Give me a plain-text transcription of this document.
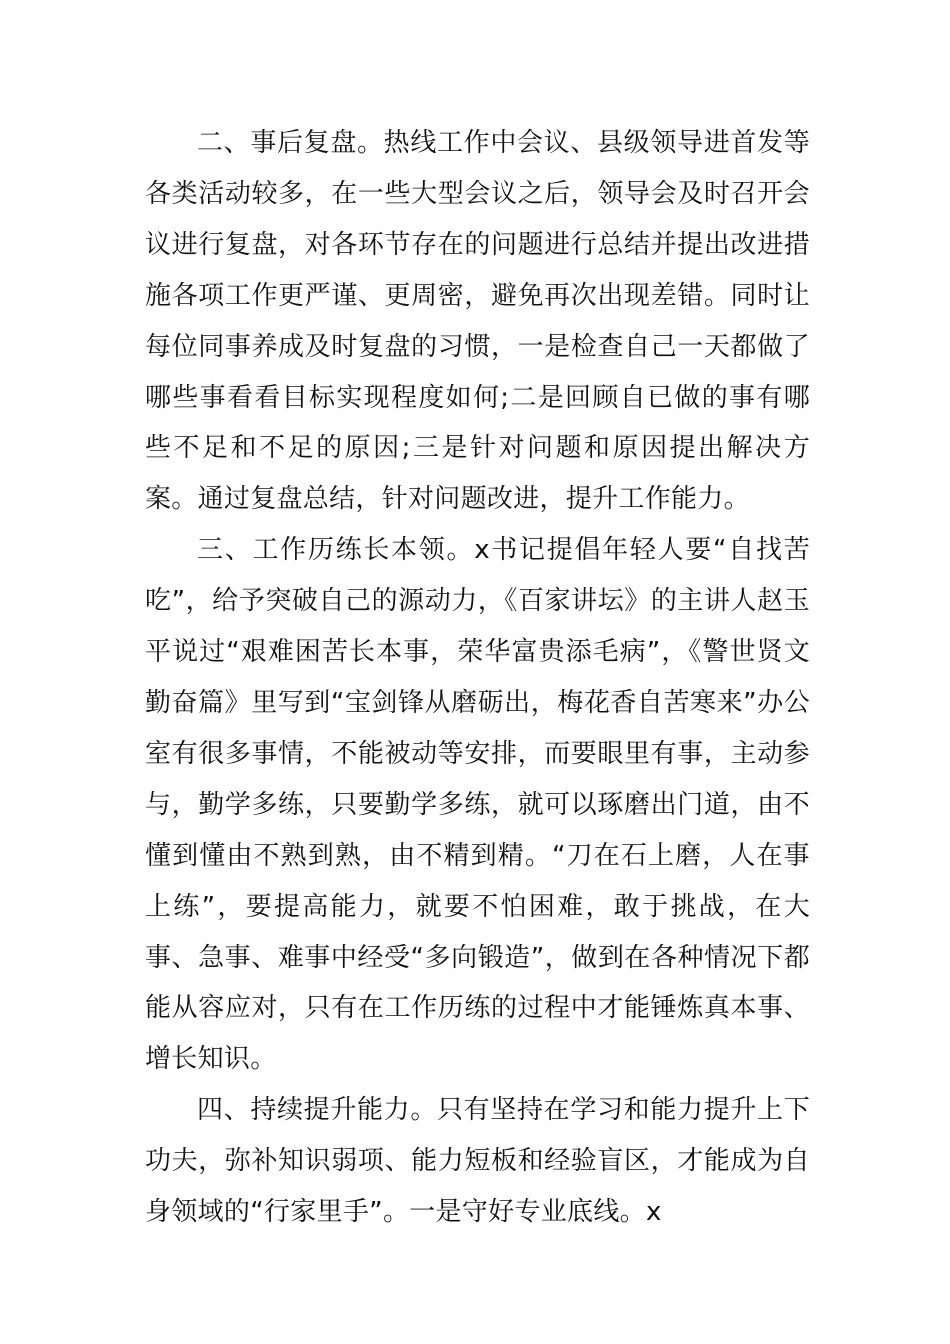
二、事后复盘。热线工作中会议、县级领导进首发等各类活动较多，在一些大型会议之后，领导会及时召开会议进行复盘，对各环节存在的问题进行总结并提出改进措施各项工作更严谨、更周密，避免再次出现差错。同时让每位同事养成及时复盘的习惯，一是检查自己一天都做了哪些事看看目标实现程度如何;二是回顾自已做的事有哪些不足和不足的原因;三是针对问题和原因提出解决方案。通过复盘总结，针对问题改进，提升工作能力。

三、工作历练长本领。x书记提倡年轻人要“自找苦吃”，给予突破自己的源动力，《百家讲坛》的主讲人赵玉平说过“艰难困苦长本事，荣华富贵添毛病”，《警世贤文勤奋篇》里写到“宝剑锋从磨砺出，梅花香自苦寒来”办公室有很多事情，不能被动等安排，而要眼里有事，主动参与，勤学多练，只要勤学多练，就可以琢磨出门道，由不懂到懂由不熟到熟，由不精到精。“刀在石上磨，人在事上练”，要提高能力，就要不怕困难，敢于挑战，在大事、急事、难事中经受“多向锻造”，做到在各种情况下都能从容应对，只有在工作历练的过程中才能锤炼真本事、增长知识。

四、持续提升能力。只有坚持在学习和能力提升上下功夫，弥补知识弱项、能力短板和经验盲区，才能成为自身领域的“行家里手”。一是守好专业底线。x
